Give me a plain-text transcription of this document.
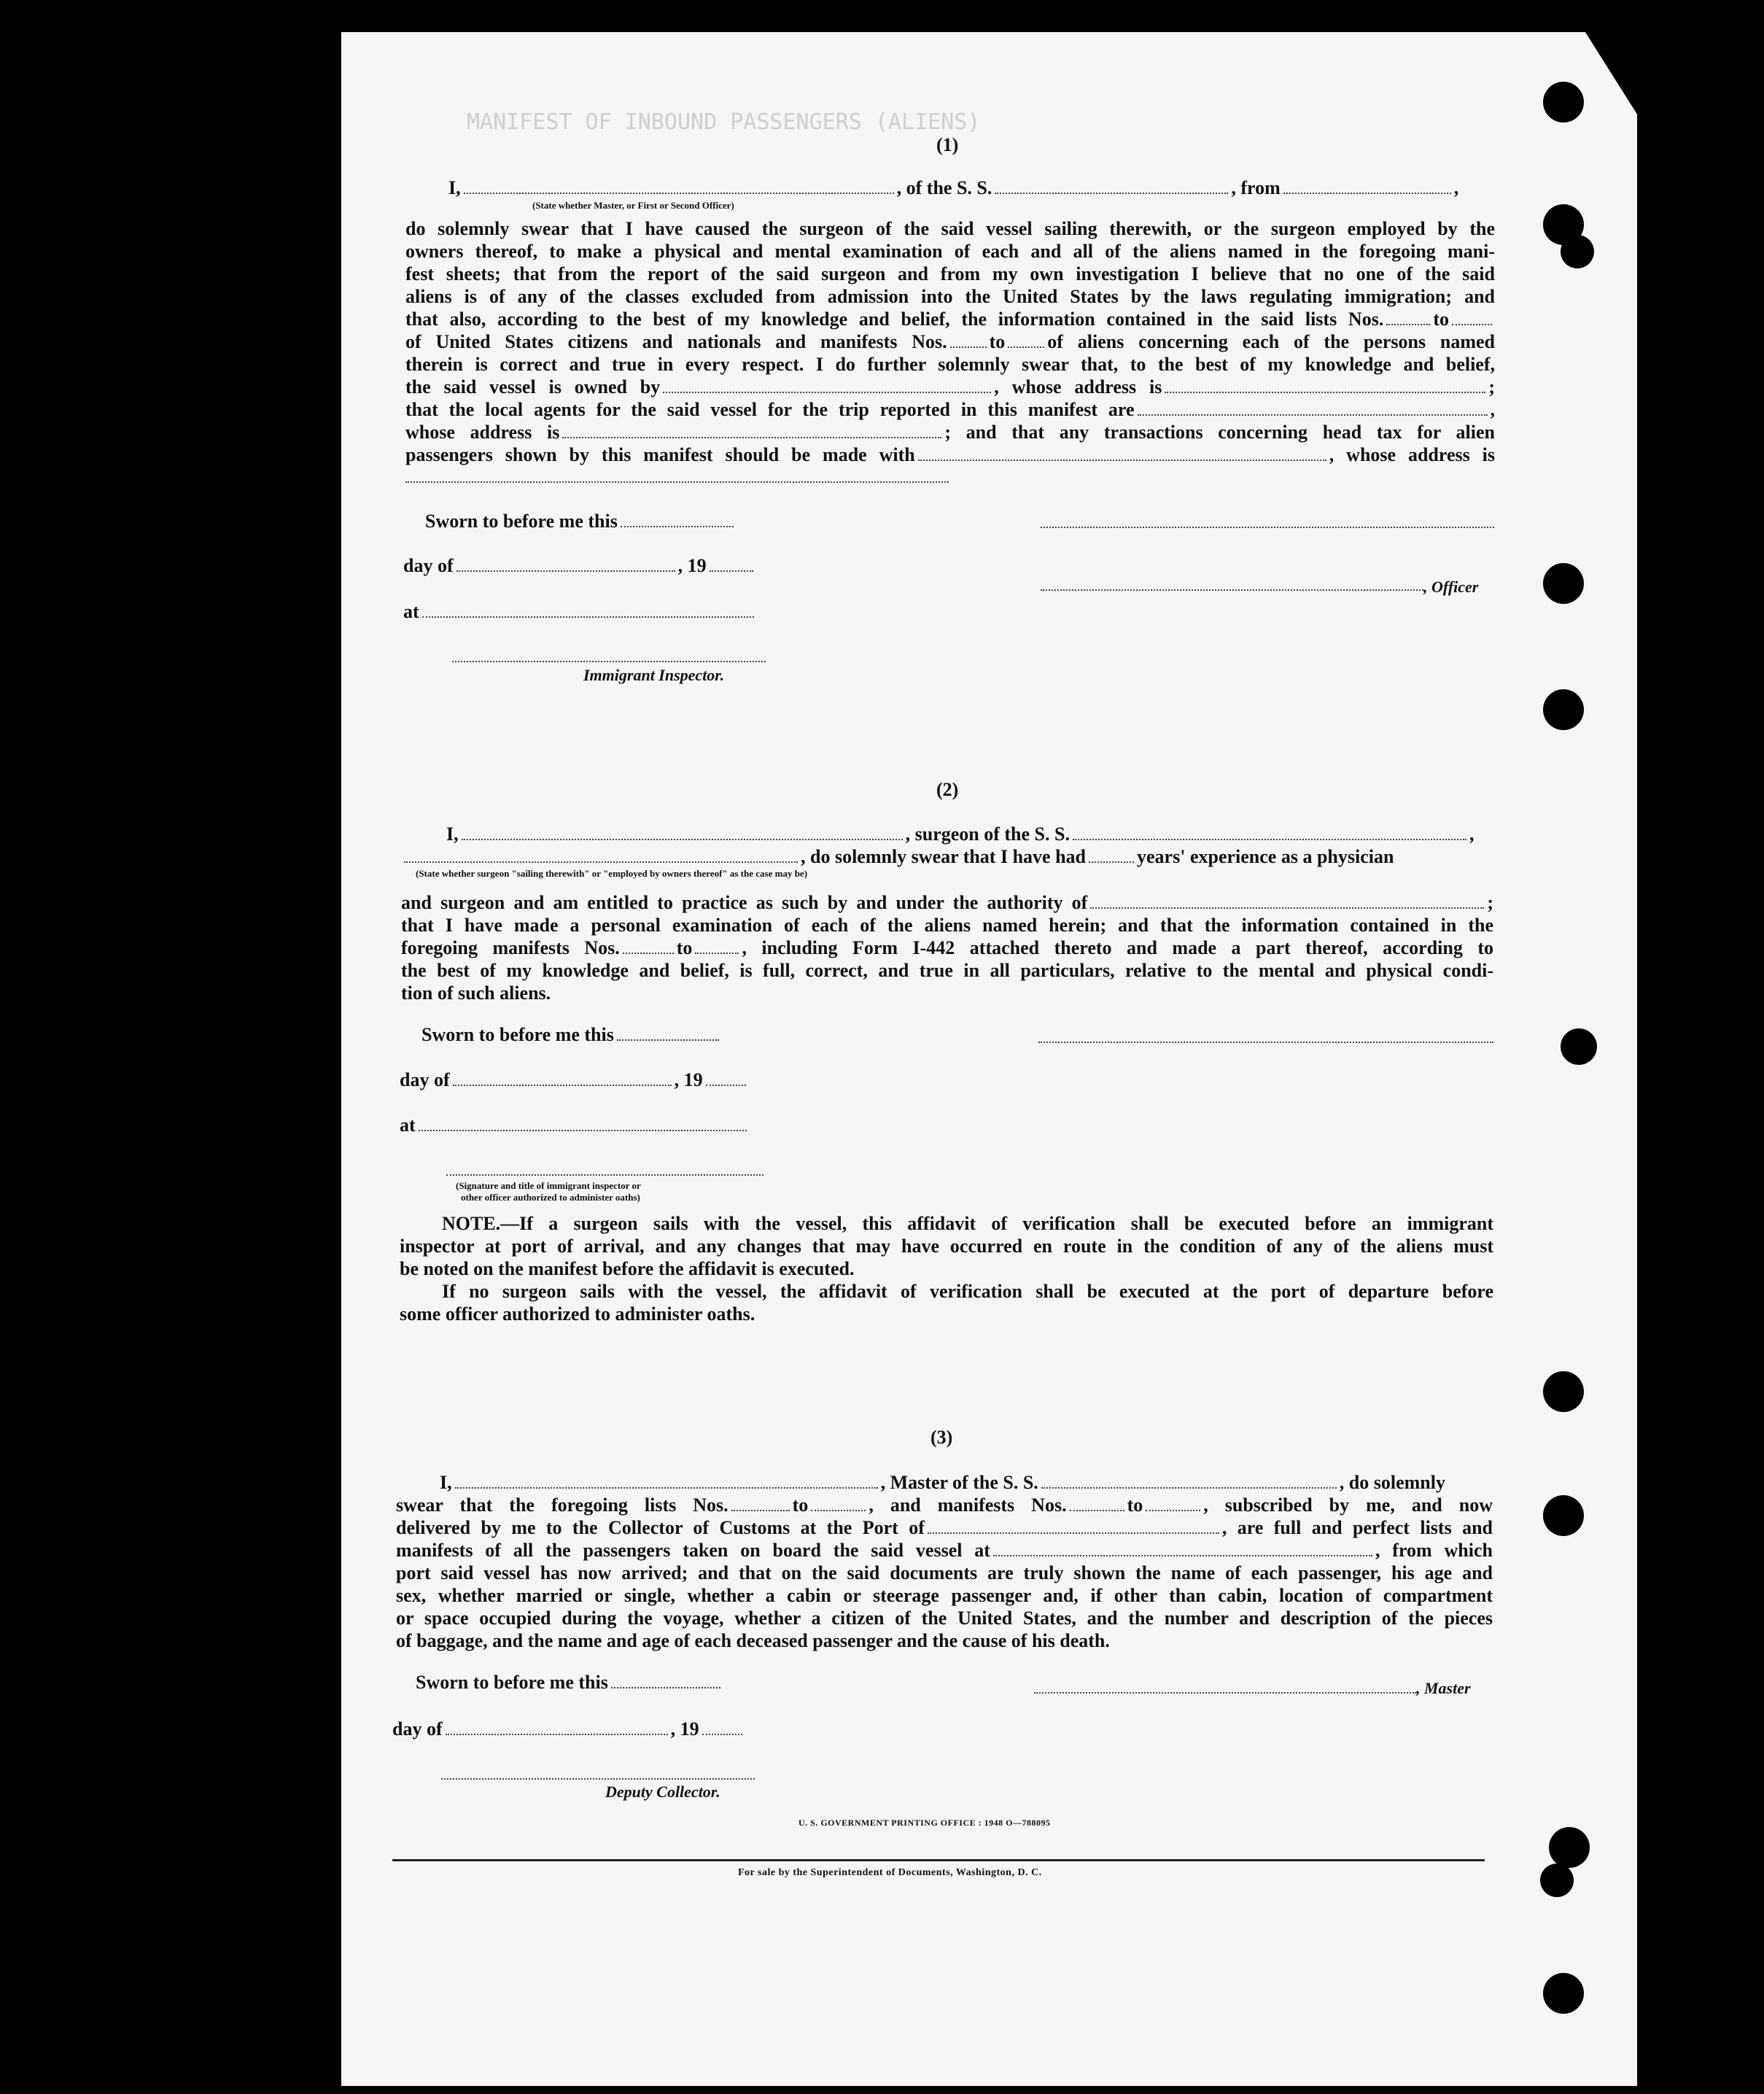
MANIFEST OF INBOUND PASSENGERS (ALIENS)
(1)
I,	, of the S. S.	, from	,
(State whether Master, or First or Second Officer)
do solemnly swear that I have caused the surgeon of the said vessel sailing therewith, or the surgeon employed by the
owners thereof, to make a physical and mental examination of each and all of the aliens named in the foregoing mani-
fest sheets; that from the report of the said surgeon and from my own investigation I believe that no one of the said
aliens is of any of the classes excluded from admission into the United States by the laws regulating immigration; and
that also, according to the best of my knowledge and belief, the information contained in the said lists Nos.	to
of United States citizens and nationals and manifests Nos. to of aliens concerning each of the persons named
therein is correct and true in every respect. I do further solemnly swear that, to the best of my knowledge and belief,
the said vessel is owned by	, whose address is	;
that the local agents for the said vessel for the trip reported in this manifest are	,
whose address is	; and that any transactions concerning head tax for alien
passengers shown by this manifest should be made with	, whose address is
Sworn to before me this
day of	, 19
, Officer
at
Immigrant Inspector.
(2)
I,	, surgeon of the S. S.	,
, do solemnly swear that I have had	years' experience as a physician
(State whether surgeon "sailing therewith" or "employed by owners thereof" as the case may be)
and surgeon and am entitled to practice as such by and under the authority of	;
that I have made a personal examination of each of the aliens named herein; and that the information contained in the
foregoing manifests Nos.	to	, including Form I-442 attached thereto and made a part thereof, according to
the best of my knowledge and belief, is full, correct, and true in all particulars, relative to the mental and physical condi-
tion of such aliens.
Sworn to before me this
day of	, 19
at
(Signature and title of immigrant inspector or
other officer authorized to administer oaths)
NOTE.—If a surgeon sails with the vessel, this affidavit of verification shall be executed before an immigrant
inspector at port of arrival, and any changes that may have occurred en route in the condition of any of the aliens must
be noted on the manifest before the affidavit is executed.
If no surgeon sails with the vessel, the affidavit of verification shall be executed at the port of departure before
some officer authorized to administer oaths.
(3)
I,	, Master of the S. S.	, do solemnly
swear that the foregoing lists Nos.	to	, and manifests Nos.	to	, subscribed by me, and now
delivered by me to the Collector of Customs at the Port of	, are full and perfect lists and
manifests of all the passengers taken on board the said vessel at	, from which
port said vessel has now arrived; and that on the said documents are truly shown the name of each passenger, his age and
sex, whether married or single, whether a cabin or steerage passenger and, if other than cabin, location of compartment
or space occupied during the voyage, whether a citizen of the United States, and the number and description of the pieces
of baggage, and the name and age of each deceased passenger and the cause of his death.
Sworn to before me this	, Master
day of	, 19
Deputy Collector.
U. S. GOVERNMENT PRINTING OFFICE : 1948 O—788095
For sale by the Superintendent of Documents, Washington, D. C.
